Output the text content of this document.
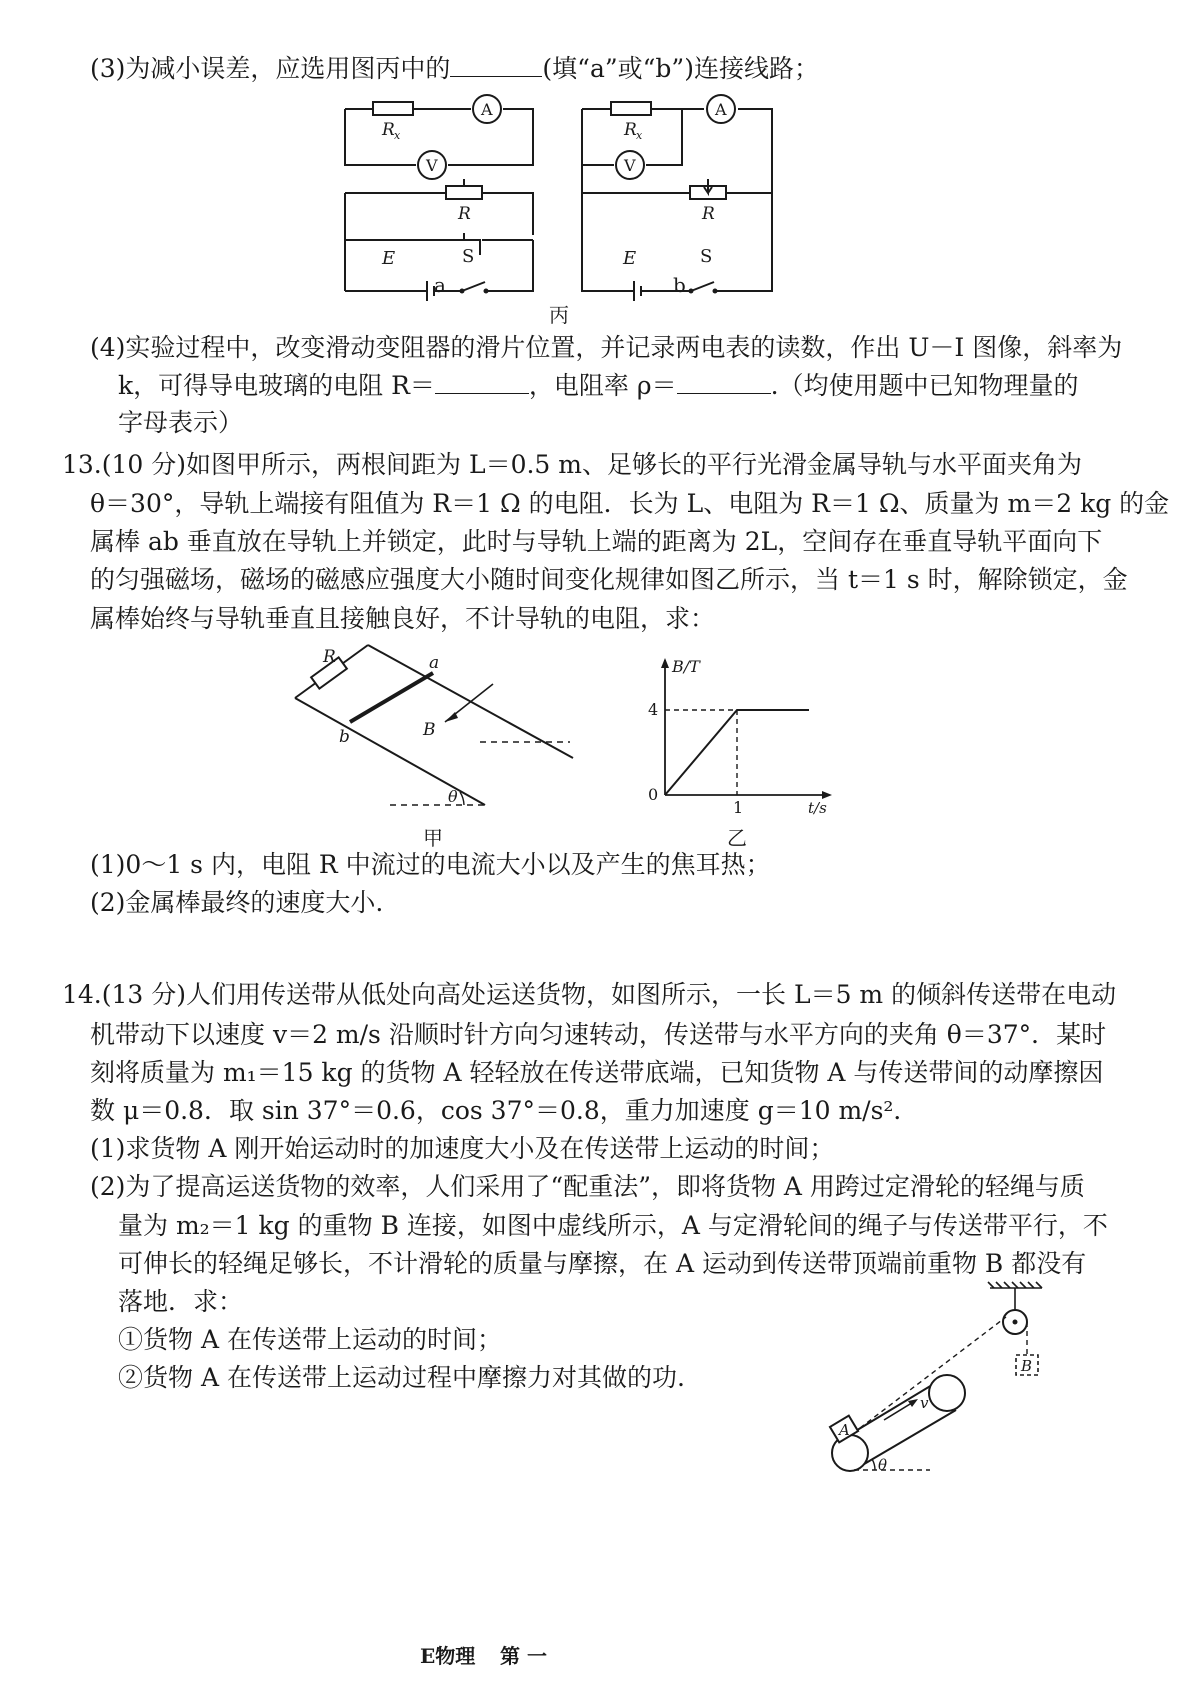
(3)为减小误差，应选用图丙中的	(填“a”或“b”)连接线路；
R x
A
V
R
E	S
a
R x
A
V
R
E	S
b
丙
(4)实验过程中，改变滑动变阻器的滑片位置，并记录两电表的读数，作出 U－I 图像，斜率为
k，可得导电玻璃的电阻 R＝	，电阻率 ρ＝	.（均使用题中已知物理量的
字母表示）
13.(10 分)如图甲所示，两根间距为 L＝0.5 m、足够长的平行光滑金属导轨与水平面夹角为
θ＝30°，导轨上端接有阻值为 R＝1 Ω 的电阻．长为 L、电阻为 R＝1 Ω、质量为 m＝2 kg 的金
属棒 ab 垂直放在导轨上并锁定，此时与导轨上端的距离为 2L，空间存在垂直导轨平面向下
的匀强磁场，磁场的磁感应强度大小随时间变化规律如图乙所示，当 t＝1 s 时，解除锁定，金
属棒始终与导轨垂直且接触良好，不计导轨的电阻，求：
R	a
b	B
θ
甲
B/T
t/s
4
0
1
乙
(1)0～1 s 内，电阻 R 中流过的电流大小以及产生的焦耳热；
(2)金属棒最终的速度大小.
14.(13 分)人们用传送带从低处向高处运送货物，如图所示，一长 L＝5 m 的倾斜传送带在电动
机带动下以速度 v＝2 m/s 沿顺时针方向匀速转动，传送带与水平方向的夹角 θ＝37°．某时
刻将质量为 m₁＝15 kg 的货物 A 轻轻放在传送带底端，已知货物 A 与传送带间的动摩擦因
数 μ＝0.8．取 sin 37°＝0.6，cos 37°＝0.8，重力加速度 g＝10 m/s²．
(1)求货物 A 刚开始运动时的加速度大小及在传送带上运动的时间；
(2)为了提高运送货物的效率，人们采用了“配重法”，即将货物 A 用跨过定滑轮的轻绳与质
量为 m₂＝1 kg 的重物 B 连接，如图中虚线所示，A 与定滑轮间的绳子与传送带平行，不
可伸长的轻绳足够长，不计滑轮的质量与摩擦，在 A 运动到传送带顶端前重物 B 都没有
落地．求：
①货物 A 在传送带上运动的时间；
②货物 A 在传送带上运动过程中摩擦力对其做的功.	B
A
v
θ
E物理 第 一
